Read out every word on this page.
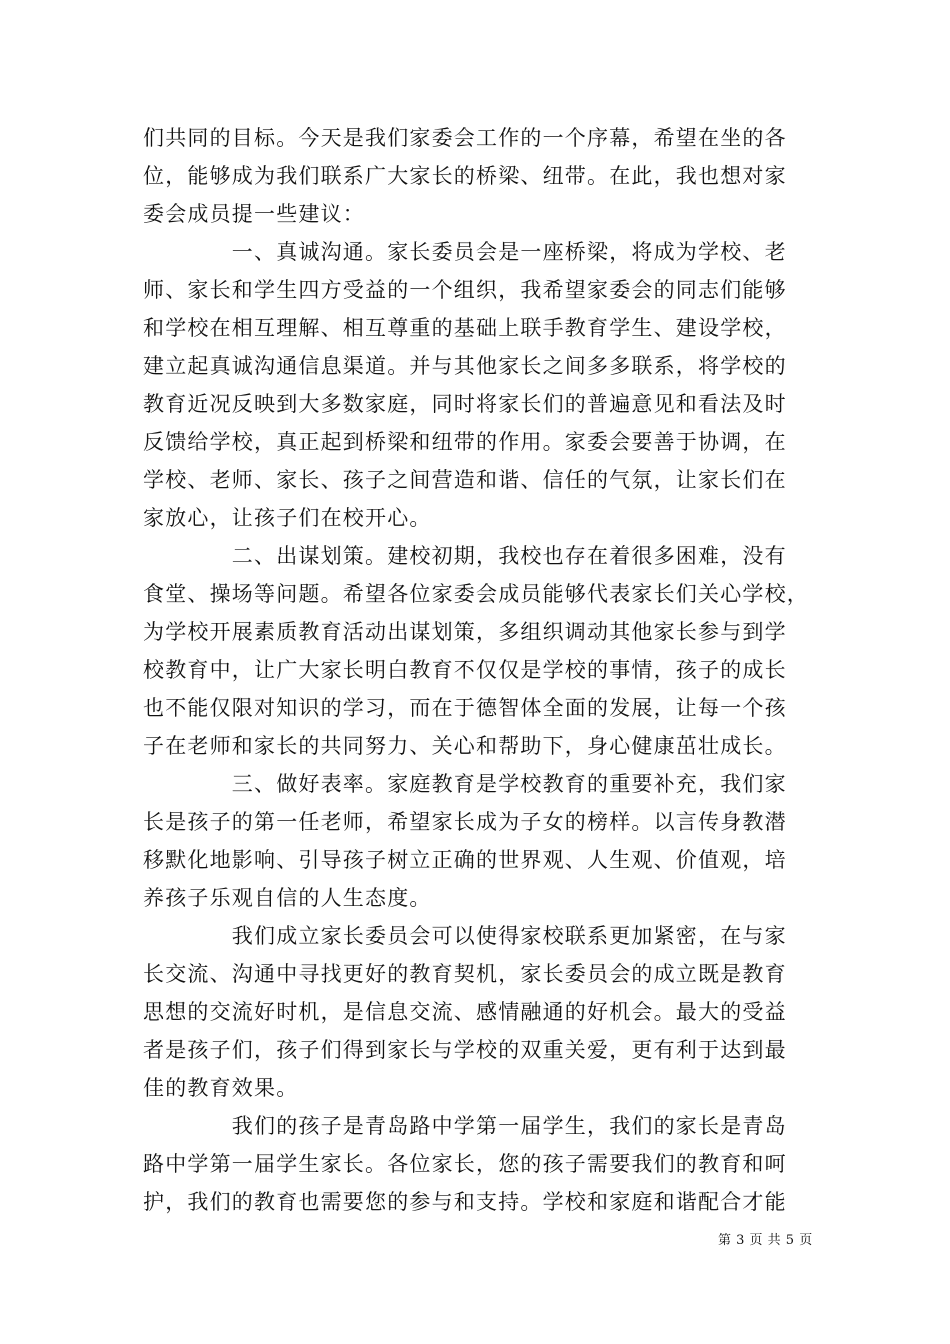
们共同的目标。今天是我们家委会工作的一个序幕，希望在坐的各
位，能够成为我们联系广大家长的桥梁、纽带。在此，我也想对家
委会成员提一些建议：
　　　　一、真诚沟通。家长委员会是一座桥梁，将成为学校、老
师、家长和学生四方受益的一个组织，我希望家委会的同志们能够
和学校在相互理解、相互尊重的基础上联手教育学生、建设学校，
建立起真诚沟通信息渠道。并与其他家长之间多多联系，将学校的
教育近况反映到大多数家庭，同时将家长们的普遍意见和看法及时
反馈给学校，真正起到桥梁和纽带的作用。家委会要善于协调，在
学校、老师、家长、孩子之间营造和谐、信任的气氛，让家长们在
家放心，让孩子们在校开心。
　　　　二、出谋划策。建校初期，我校也存在着很多困难，没有
食堂、操场等问题。希望各位家委会成员能够代表家长们关心学校，
为学校开展素质教育活动出谋划策，多组织调动其他家长参与到学
校教育中，让广大家长明白教育不仅仅是学校的事情，孩子的成长
也不能仅限对知识的学习，而在于德智体全面的发展，让每一个孩
子在老师和家长的共同努力、关心和帮助下，身心健康茁壮成长。
　　　　三、做好表率。家庭教育是学校教育的重要补充，我们家
长是孩子的第一任老师，希望家长成为子女的榜样。以言传身教潜
移默化地影响、引导孩子树立正确的世界观、人生观、价值观，培
养孩子乐观自信的人生态度。
　　　　我们成立家长委员会可以使得家校联系更加紧密，在与家
长交流、沟通中寻找更好的教育契机，家长委员会的成立既是教育
思想的交流好时机，是信息交流、感情融通的好机会。最大的受益
者是孩子们，孩子们得到家长与学校的双重关爱，更有利于达到最
佳的教育效果。
　　　　我们的孩子是青岛路中学第一届学生，我们的家长是青岛
路中学第一届学生家长。各位家长，您的孩子需要我们的教育和呵
护，我们的教育也需要您的参与和支持。学校和家庭和谐配合才能
第 3 页 共 5 页
